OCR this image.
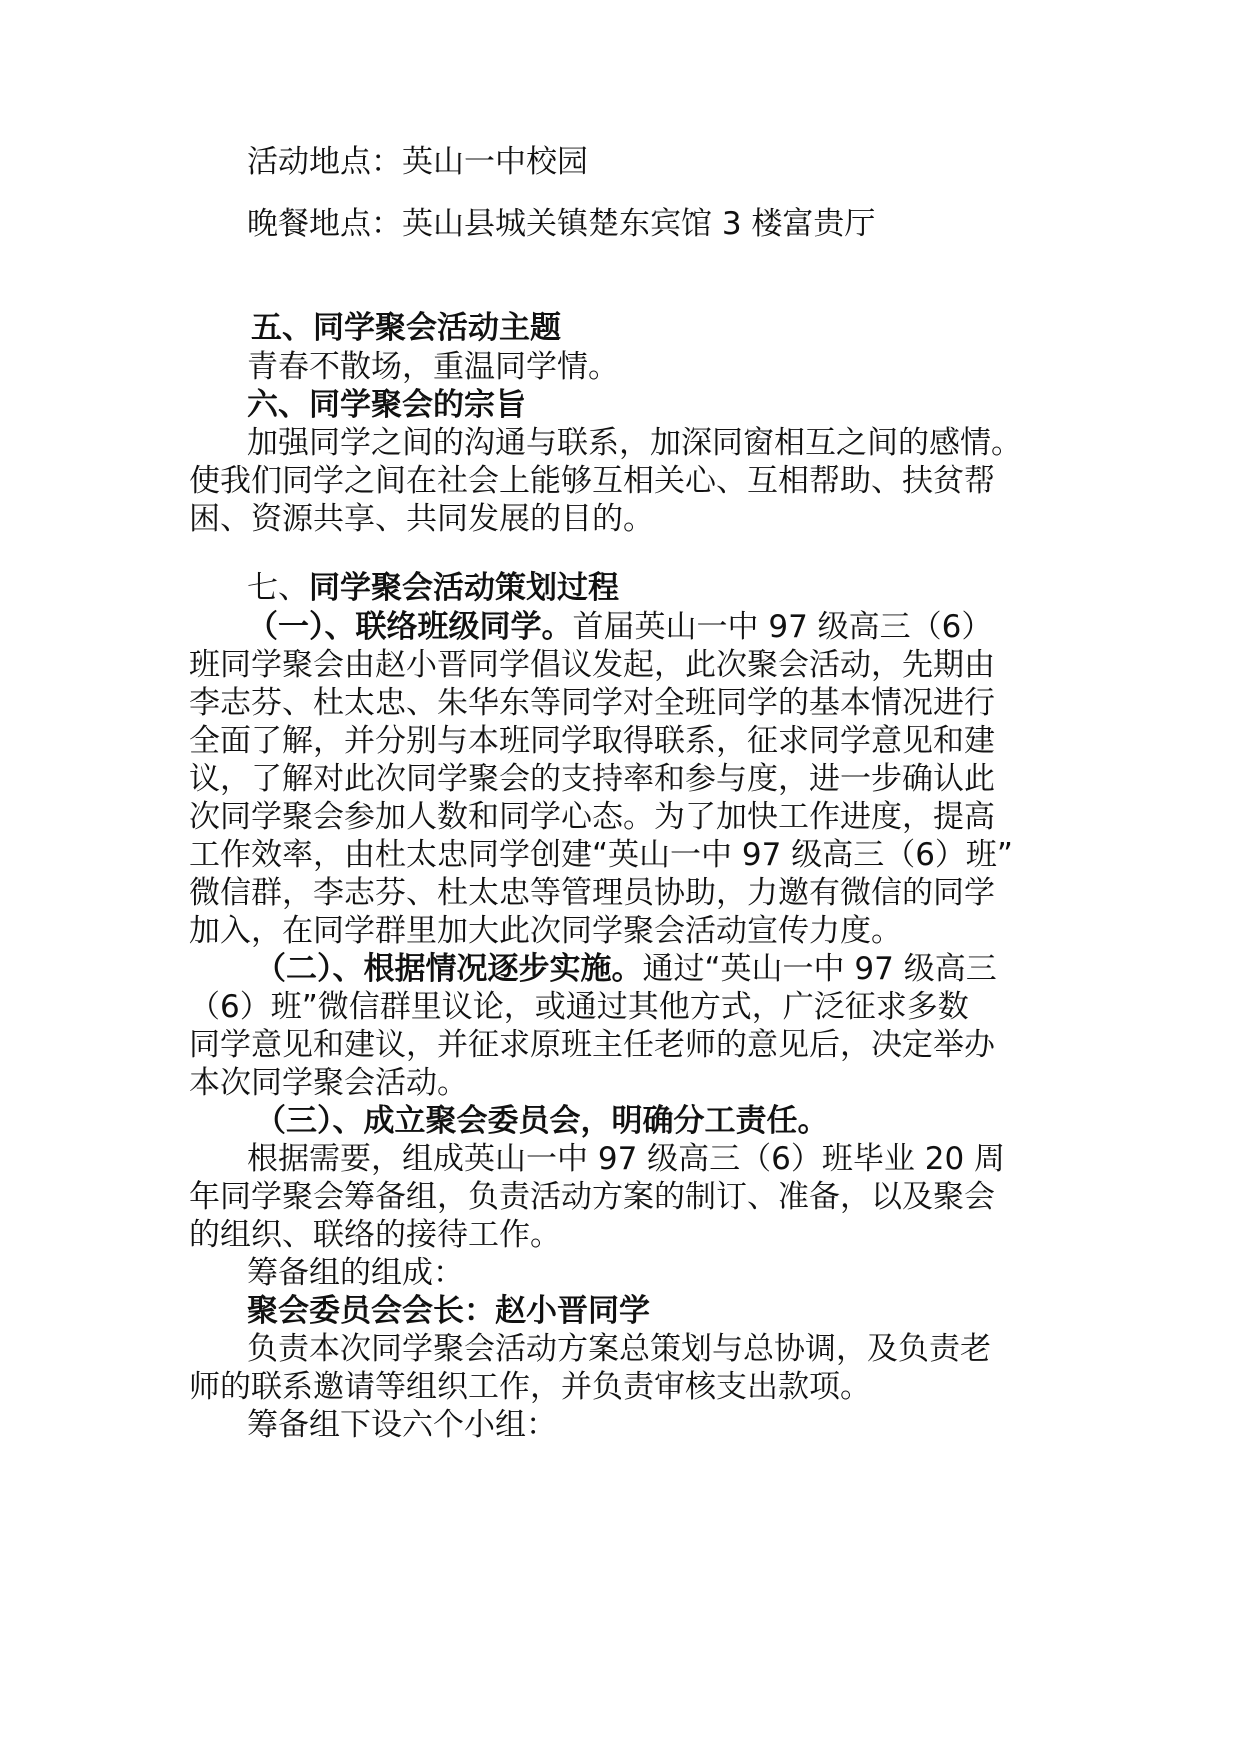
活动地点：英山一中校园
晚餐地点：英山县城关镇楚东宾馆 3 楼富贵厅
五、同学聚会活动主题
青春不散场，重温同学情。
六、同学聚会的宗旨
加强同学之间的沟通与联系，加深同窗相互之间的感情。
使我们同学之间在社会上能够互相关心、互相帮助、扶贫帮
困、资源共享、共同发展的目的。
七、同学聚会活动策划过程
（一）、联络班级同学。首届英山一中 97 级高三（6）
班同学聚会由赵小晋同学倡议发起，此次聚会活动，先期由
李志芬、杜太忠、朱华东等同学对全班同学的基本情况进行
全面了解，并分别与本班同学取得联系，征求同学意见和建
议，了解对此次同学聚会的支持率和参与度，进一步确认此
次同学聚会参加人数和同学心态。为了加快工作进度，提高
工作效率，由杜太忠同学创建“英山一中 97 级高三（6）班”
微信群，李志芬、杜太忠等管理员协助，力邀有微信的同学
加入，在同学群里加大此次同学聚会活动宣传力度。
（二）、根据情况逐步实施。通过“英山一中 97 级高三
（6）班”微信群里议论，或通过其他方式，广泛征求多数
同学意见和建议，并征求原班主任老师的意见后，决定举办
本次同学聚会活动。
（三）、成立聚会委员会，明确分工责任。
根据需要，组成英山一中 97 级高三（6）班毕业 20 周
年同学聚会筹备组，负责活动方案的制订、准备，以及聚会
的组织、联络的接待工作。
筹备组的组成：
聚会委员会会长：赵小晋同学
负责本次同学聚会活动方案总策划与总协调，及负责老
师的联系邀请等组织工作，并负责审核支出款项。
筹备组下设六个小组：
